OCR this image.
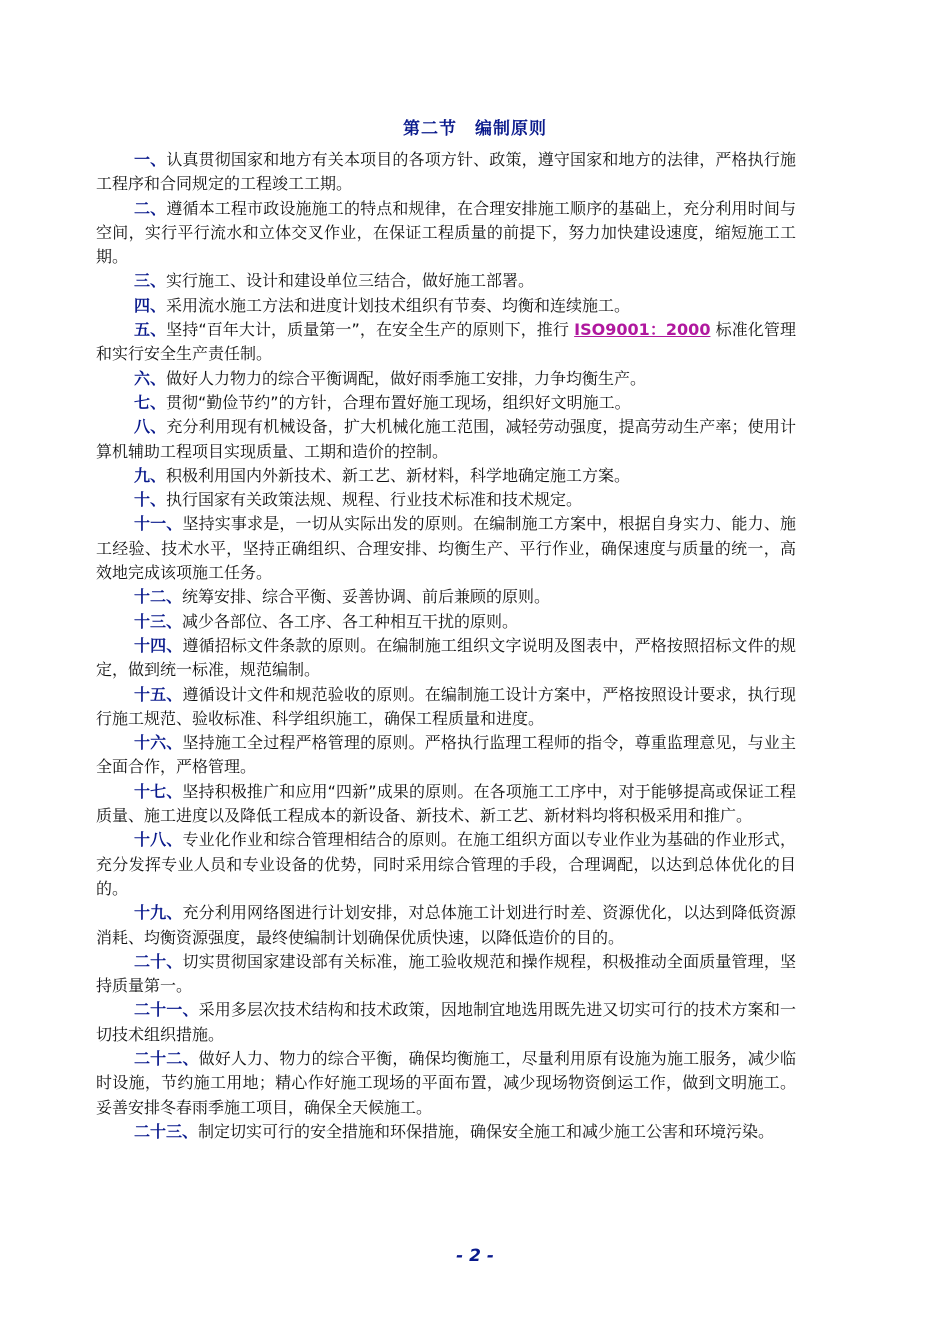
第二节　编制原则

一、认真贯彻国家和地方有关本项目的各项方针、政策，遵守国家和地方的法律，严格执行施工程序和合同规定的工程竣工工期。

二、遵循本工程市政设施施工的特点和规律，在合理安排施工顺序的基础上，充分利用时间与空间，实行平行流水和立体交叉作业，在保证工程质量的前提下，努力加快建设速度，缩短施工工期。

三、实行施工、设计和建设单位三结合，做好施工部署。

四、采用流水施工方法和进度计划技术组织有节奏、均衡和连续施工。

五、坚持“百年大计，质量第一”，在安全生产的原则下，推行 ISO9001：2000 标准化管理和实行安全生产责任制。

六、做好人力物力的综合平衡调配，做好雨季施工安排，力争均衡生产。

七、贯彻“勤俭节约”的方针，合理布置好施工现场，组织好文明施工。

八、充分利用现有机械设备，扩大机械化施工范围，减轻劳动强度，提高劳动生产率；使用计算机辅助工程项目实现质量、工期和造价的控制。

九、积极利用国内外新技术、新工艺、新材料，科学地确定施工方案。

十、执行国家有关政策法规、规程、行业技术标准和技术规定。

十一、坚持实事求是，一切从实际出发的原则。在编制施工方案中，根据自身实力、能力、施工经验、技术水平，坚持正确组织、合理安排、均衡生产、平行作业，确保速度与质量的统一，高效地完成该项施工任务。

十二、统筹安排、综合平衡、妥善协调、前后兼顾的原则。

十三、减少各部位、各工序、各工种相互干扰的原则。

十四、遵循招标文件条款的原则。在编制施工组织文字说明及图表中，严格按照招标文件的规定，做到统一标准，规范编制。

十五、遵循设计文件和规范验收的原则。在编制施工设计方案中，严格按照设计要求，执行现行施工规范、验收标准、科学组织施工，确保工程质量和进度。

十六、坚持施工全过程严格管理的原则。严格执行监理工程师的指令，尊重监理意见，与业主全面合作，严格管理。

十七、坚持积极推广和应用“四新”成果的原则。在各项施工工序中，对于能够提高或保证工程质量、施工进度以及降低工程成本的新设备、新技术、新工艺、新材料均将积极采用和推广。

十八、专业化作业和综合管理相结合的原则。在施工组织方面以专业作业为基础的作业形式，充分发挥专业人员和专业设备的优势，同时采用综合管理的手段，合理调配，以达到总体优化的目的。

十九、充分利用网络图进行计划安排，对总体施工计划进行时差、资源优化，以达到降低资源消耗、均衡资源强度，最终使编制计划确保优质快速，以降低造价的目的。

二十、切实贯彻国家建设部有关标准，施工验收规范和操作规程，积极推动全面质量管理，坚持质量第一。

二十一、采用多层次技术结构和技术政策，因地制宜地选用既先进又切实可行的技术方案和一切技术组织措施。

二十二、做好人力、物力的综合平衡，确保均衡施工，尽量利用原有设施为施工服务，减少临时设施，节约施工用地；精心作好施工现场的平面布置，减少现场物资倒运工作，做到文明施工。妥善安排冬春雨季施工项目，确保全天候施工。

二十三、制定切实可行的安全措施和环保措施，确保安全施工和减少施工公害和环境污染。

- 2 -
